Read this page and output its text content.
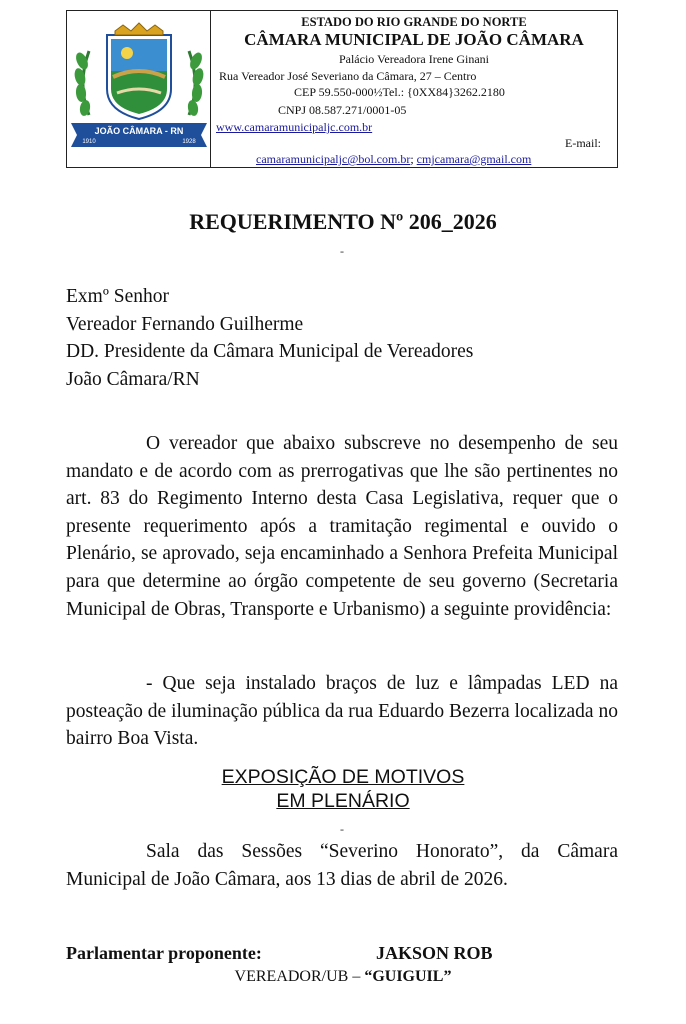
JOÃO CÂMARA - RN
1910	1928
ESTADO DO RIO GRANDE DO NORTE
CÂMARA MUNICIPAL DE JOÃO CÂMARA
Palácio Vereadora Irene Ginani
Rua Vereador José Severiano da Câmara, 27 – Centro
CEP 59.550-000½Tel.: {0XX84}3262.2180
CNPJ 08.587.271/0001-05
www.camaramunicipaljc.com.br
E-mail:
camaramunicipaljc@bol.com.br; cmjcamara@gmail.com
REQUERIMENTO Nº 206_2026
-
Exmº Senhor
Vereador Fernando Guilherme
DD. Presidente da Câmara Municipal de Vereadores
João Câmara/RN

O vereador que abaixo subscreve no desempenho de seu mandato e de acordo com as prerrogativas que lhe são pertinentes no art. 83 do Regimento Interno desta Casa Legislativa, requer que o presente requerimento após a tramitação regimental e ouvido o Plenário, se aprovado, seja encaminhado a Senhora Prefeita Municipal para que determine ao órgão competente de seu governo (Secretaria Municipal de Obras, Transporte e Urbanismo) a seguinte providência:

- Que seja instalado braços de luz e lâmpadas LED na posteação de iluminação pública da rua Eduardo Bezerra localizada no bairro Boa Vista.

EXPOSIÇÃO DE MOTIVOS
EM PLENÁRIO
-

Sala das Sessões “Severino Honorato”, da Câmara Municipal de João Câmara, aos 13 dias de abril de 2026.

Parlamentar proponente:	JAKSON ROB
VEREADOR/UB – “GUIGUIL”
